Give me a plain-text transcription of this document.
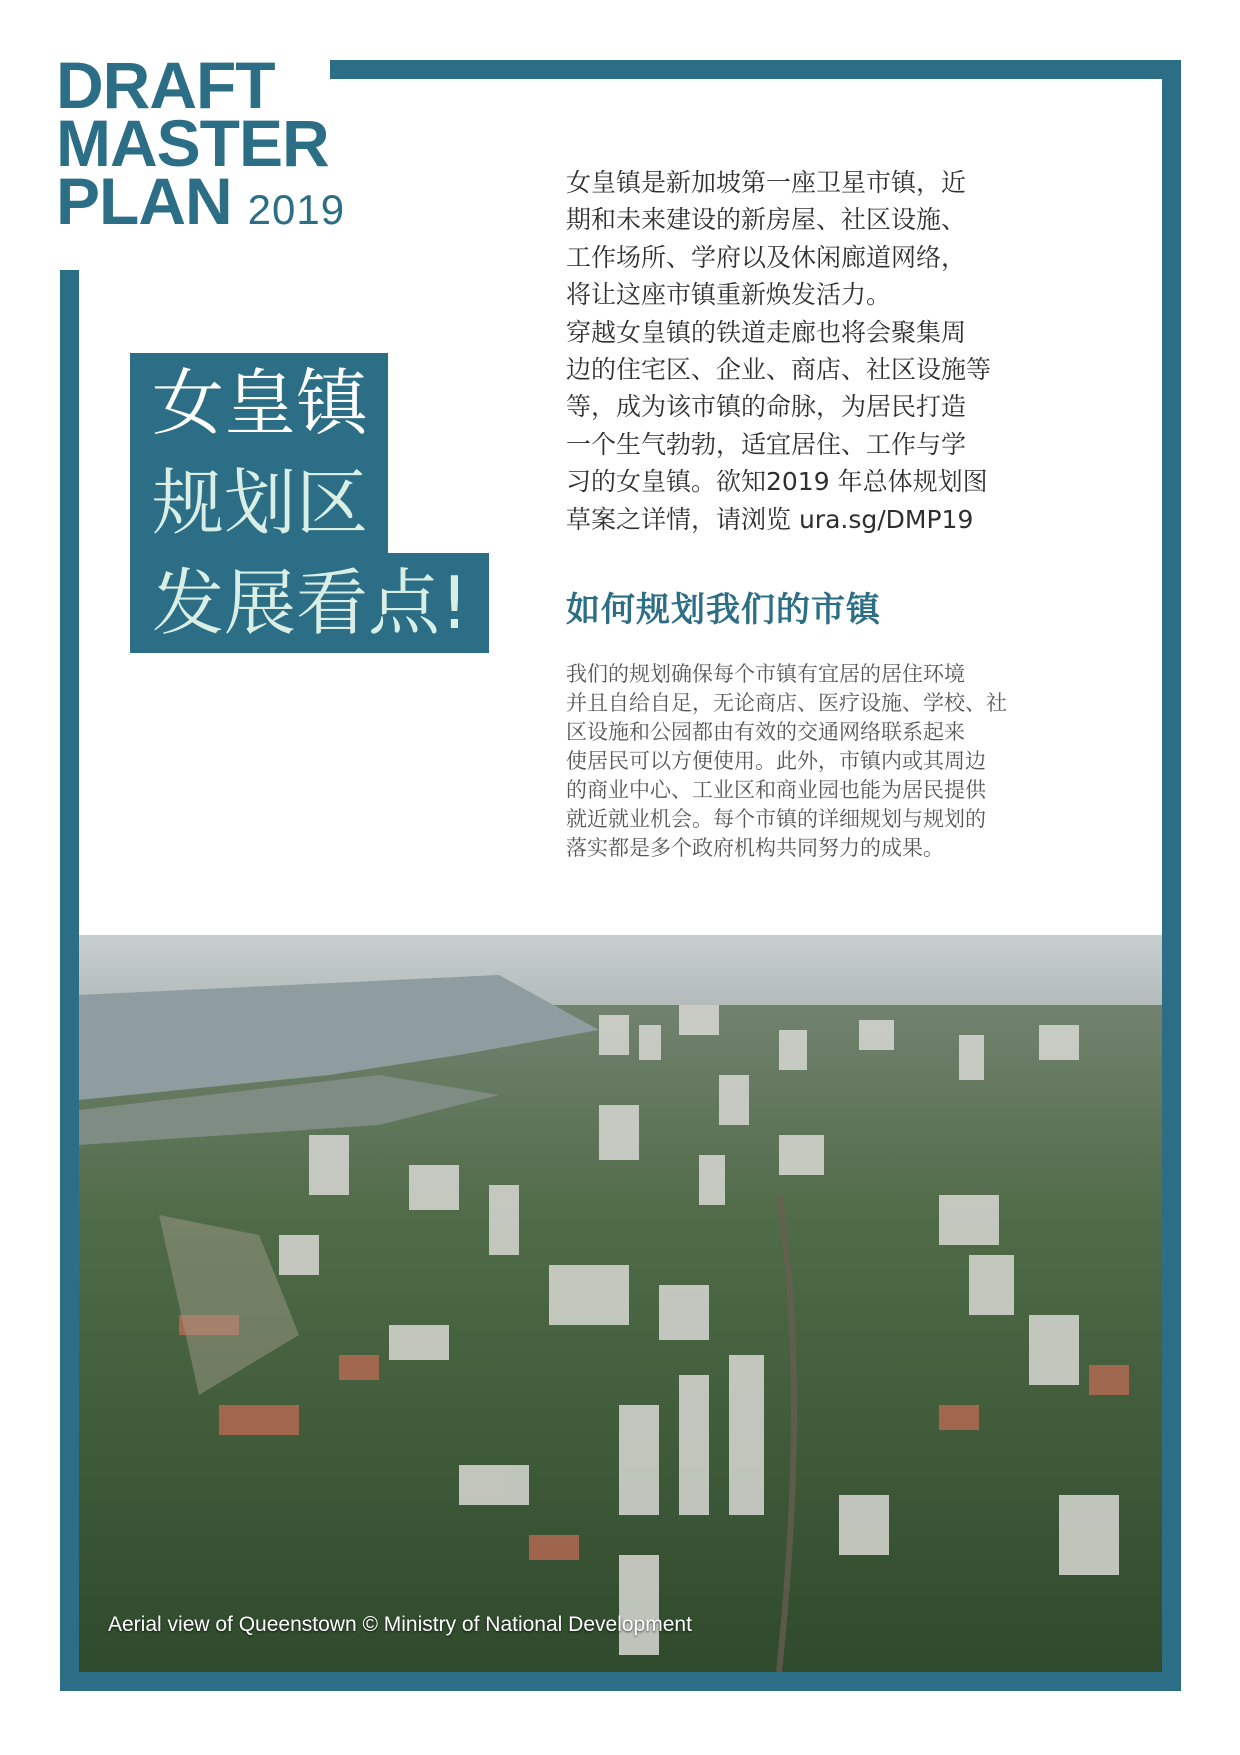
DRAFT
MASTER
PLAN 2019
女皇镇
规划区
发展看点!
女皇镇是新加坡第一座卫星市镇，近
期和未来建设的新房屋、社区设施、
工作场所、学府以及休闲廊道网络，
将让这座市镇重新焕发活力。
穿越女皇镇的铁道走廊也将会聚集周
边的住宅区、企业、商店、社区设施等
等，成为该市镇的命脉，为居民打造
一个生气勃勃，适宜居住、工作与学
习的女皇镇。欲知2019 年总体规划图
草案之详情，请浏览 ura.sg/DMP19
如何规划我们的市镇
我们的规划确保每个市镇有宜居的居住环境
并且自给自足，无论商店、医疗设施、学校、社
区设施和公园都由有效的交通网络联系起来
使居民可以方便使用。此外，市镇内或其周边
的商业中心、工业区和商业园也能为居民提供
就近就业机会。每个市镇的详细规划与规划的
落实都是多个政府机构共同努力的成果。
Aerial view of Queenstown © Ministry of National Development
